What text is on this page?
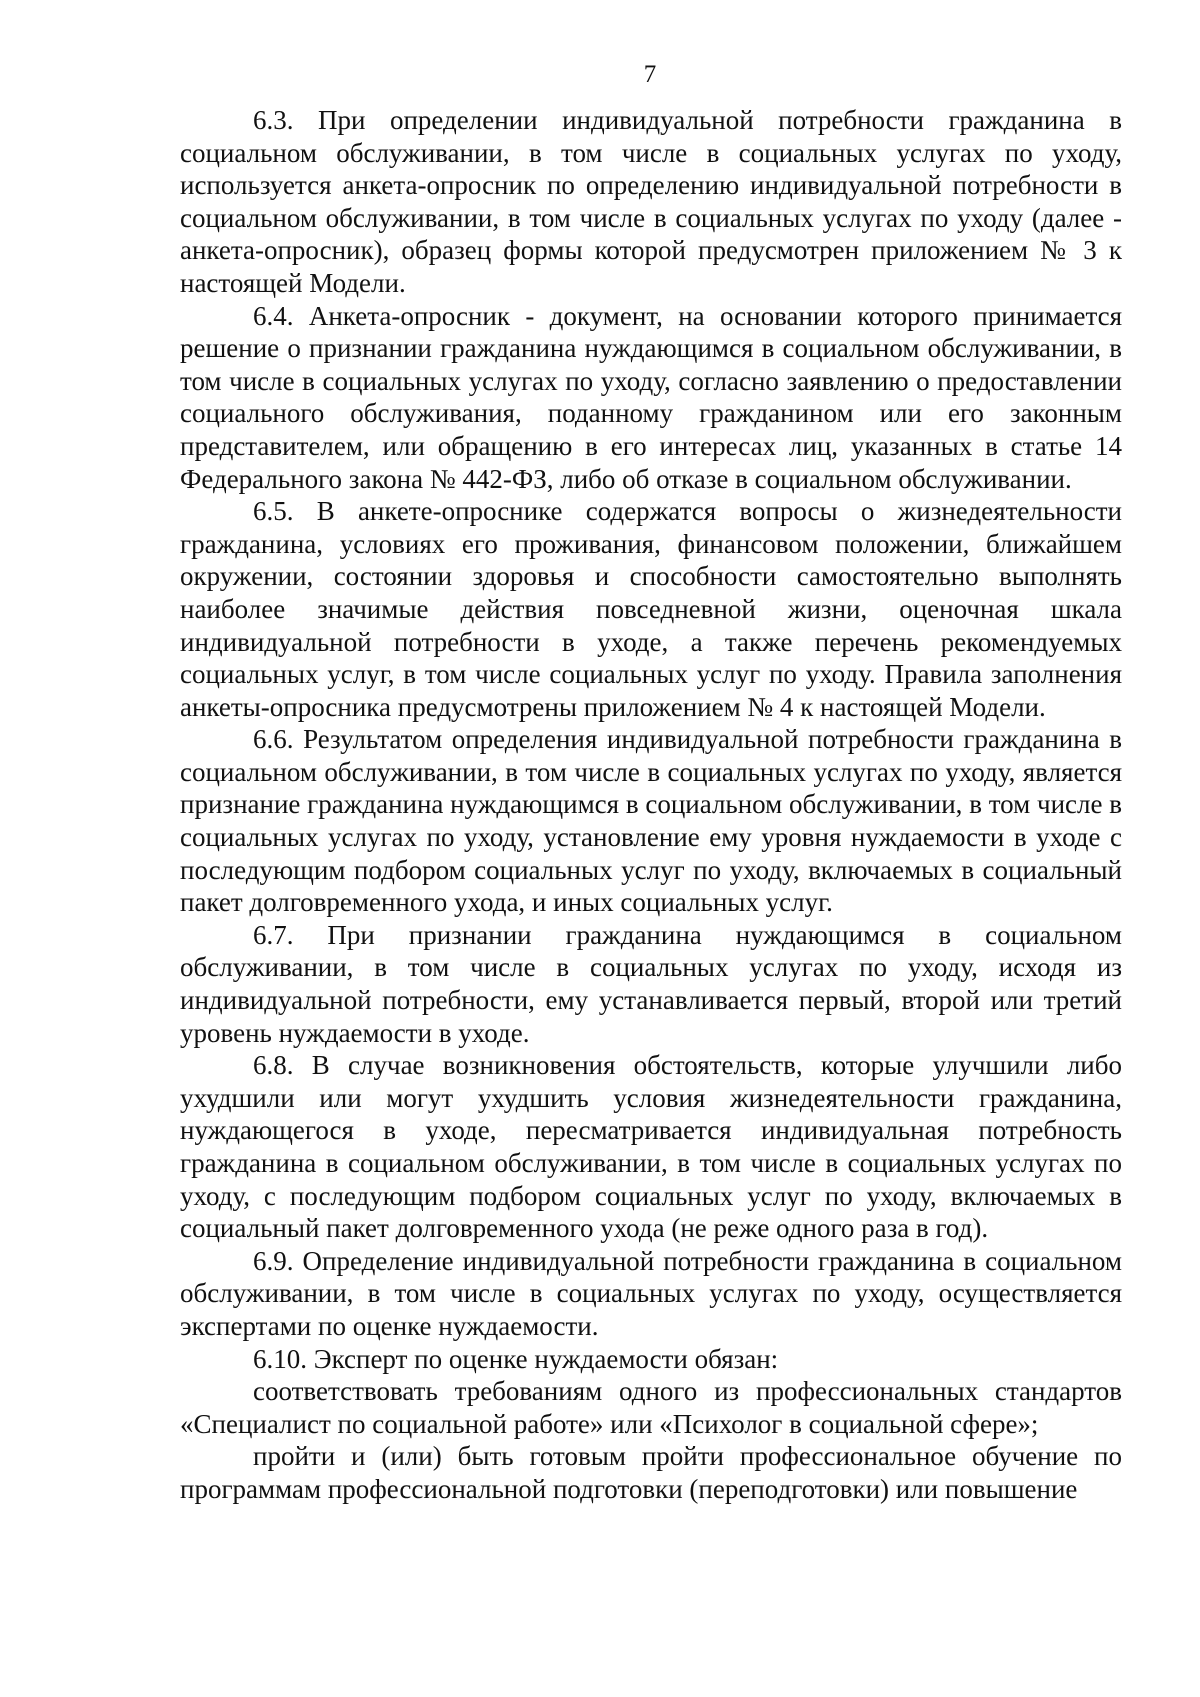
7

6.3. При определении индивидуальной потребности гражданина в социальном обслуживании, в том числе в социальных услугах по уходу, используется анкета-опросник по определению индивидуальной потребности в социальном обслуживании, в том числе в социальных услугах по уходу (далее - анкета-опросник), образец формы которой предусмотрен приложением № 3 к настоящей Модели.

6.4. Анкета-опросник - документ, на основании которого принимается решение о признании гражданина нуждающимся в социальном обслуживании, в том числе в социальных услугах по уходу, согласно заявлению о предоставлении социального обслуживания, поданному гражданином или его законным представителем, или обращению в его интересах лиц, указанных в статье 14 Федерального закона № 442-ФЗ, либо об отказе в социальном обслуживании.

6.5. В анкете-опроснике содержатся вопросы о жизнедеятельности гражданина, условиях его проживания, финансовом положении, ближайшем окружении, состоянии здоровья и способности самостоятельно выполнять наиболее значимые действия повседневной жизни, оценочная шкала индивидуальной потребности в уходе, а также перечень рекомендуемых социальных услуг, в том числе социальных услуг по уходу. Правила заполнения анкеты-опросника предусмотрены приложением № 4 к настоящей Модели.

6.6. Результатом определения индивидуальной потребности гражданина в социальном обслуживании, в том числе в социальных услугах по уходу, является признание гражданина нуждающимся в социальном обслуживании, в том числе в социальных услугах по уходу, установление ему уровня нуждаемости в уходе с последующим подбором социальных услуг по уходу, включаемых в социальный пакет долговременного ухода, и иных социальных услуг.

6.7. При признании гражданина нуждающимся в социальном обслуживании, в том числе в социальных услугах по уходу, исходя из индивидуальной потребности, ему устанавливается первый, второй или третий уровень нуждаемости в уходе.

6.8. В случае возникновения обстоятельств, которые улучшили либо ухудшили или могут ухудшить условия жизнедеятельности гражданина, нуждающегося в уходе, пересматривается индивидуальная потребность гражданина в социальном обслуживании, в том числе в социальных услугах по уходу, с последующим подбором социальных услуг по уходу, включаемых в социальный пакет долговременного ухода (не реже одного раза в год).

6.9. Определение индивидуальной потребности гражданина в социальном обслуживании, в том числе в социальных услугах по уходу, осуществляется экспертами по оценке нуждаемости.

6.10. Эксперт по оценке нуждаемости обязан:

соответствовать требованиям одного из профессиональных стандартов «Специалист по социальной работе» или «Психолог в социальной сфере»;

пройти и (или) быть готовым пройти профессиональное обучение по программам профессиональной подготовки (переподготовки) или повышение
